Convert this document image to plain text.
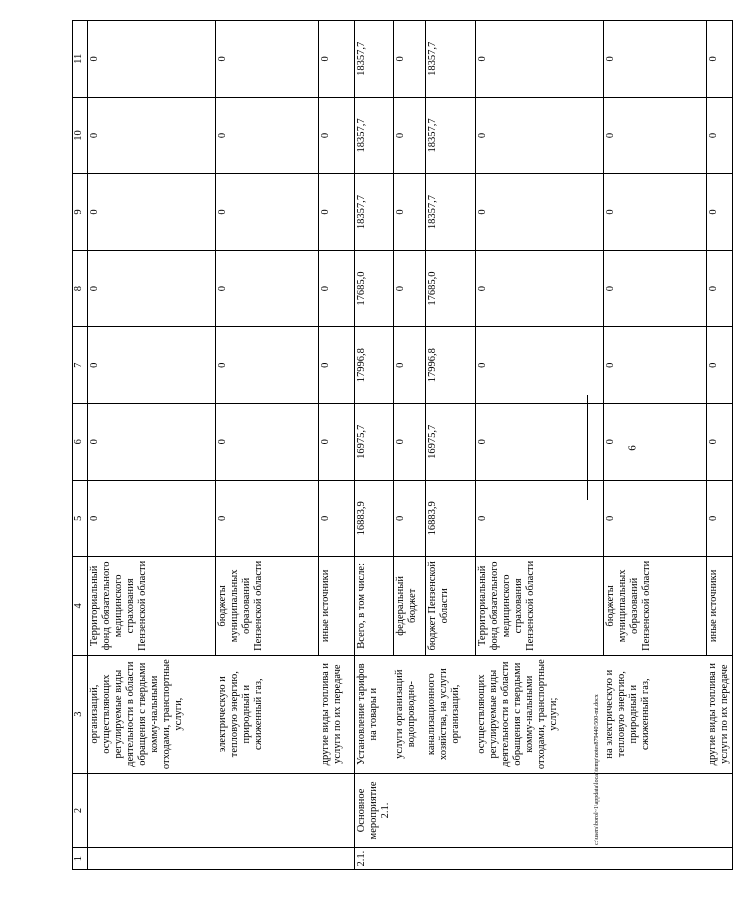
6
1	2	3	4	5	6	7	8	9	10	11
		организаций, осуществляющих регулируемые виды деятельности в области обращения с твердыми комму-нальными отходами, транспортные услуги,	Территориальный фонд обязательного медицинского страхования Пензенской области	0	0	0	0	0	0	0
		электрическую и тепловую энергию, природный и сжиженный газ,	бюджеты муниципальных образований Пензенской области	0	0	0	0	0	0	0
		другие виды топлива и услуги по их передаче	иные источники	0	0	0	0	0	0	0
2.1.	Основное мероприятие 2.1.	Установление тарифов на товары и	Всего, в том числе:	16883,9	16975,7	17996,8	17685,0	18357,7	18357,7	18357,7
		услуги организаций водопроводно-	федеральный бюджет	0	0	0	0	0	0	0
		канализационного хозяйства, на услуги организаций,	бюджет Пензенской области	16883,9	16975,7	17996,8	17685,0	18357,7	18357,7	18357,7
		осуществляющих регулируемые виды деятельности в области обращения с твердыми комму-нальными отходами, транспортные услуги;	Территориальный фонд обязательного медицинского страхования Пензенской области	0	0	0	0	0	0	0
		на электрическую и тепловую энергию, природный и сжиженный газ,	бюджеты муниципальных образований Пензенской области	0	0	0	0	0	0	0
		другие виды топлива и услуги по их передаче	иные источники	0	0	0	0	0	0	0
c:\users\borol~1\appdata\local\temp\notes879440\500-mt.docx
